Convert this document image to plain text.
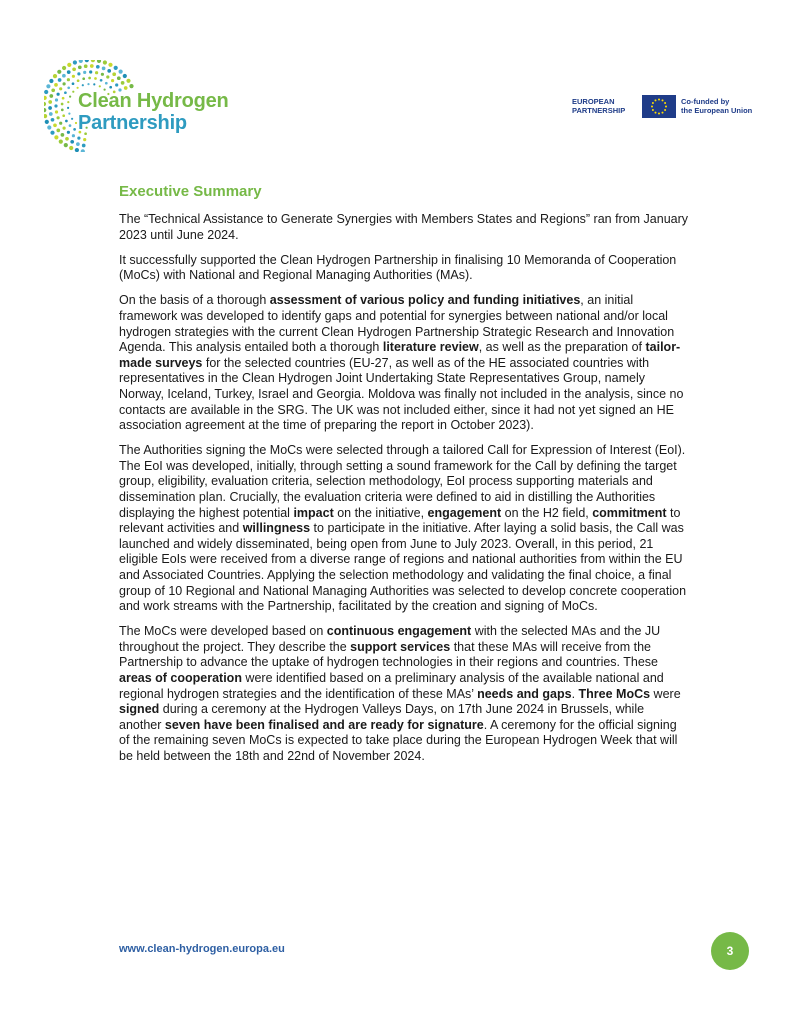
Clean Hydrogen
Partnership
EUROPEAN
PARTNERSHIP
Co-funded by
the European Union
Executive Summary

The “Technical Assistance to Generate Synergies with Members States and Regions” ran from January 2023 until June 2024.

It successfully supported the Clean Hydrogen Partnership in finalising 10 Memoranda of Cooperation (MoCs) with National and Regional Managing Authorities (MAs).

On the basis of a thorough assessment of various policy and funding initiatives, an initial framework was developed to identify gaps and potential for synergies between national and/or local hydrogen strategies with the current Clean Hydrogen Partnership Strategic Research and Innovation Agenda. This analysis entailed both a thorough literature review, as well as the preparation of tailor-made surveys for the selected countries (EU-27, as well as of the HE associated countries with representatives in the Clean Hydrogen Joint Undertaking State Representatives Group, namely Norway, Iceland, Turkey, Israel and Georgia. Moldova was finally not included in the analysis, since no contacts are available in the SRG. The UK was not included either, since it had not yet signed an HE association agreement at the time of preparing the report in October 2023).

The Authorities signing the MoCs were selected through a tailored Call for Expression of Interest (EoI). The EoI was developed, initially, through setting a sound framework for the Call by defining the target group, eligibility, evaluation criteria, selection methodology, EoI process supporting materials and dissemination plan. Crucially, the evaluation criteria were defined to aid in distilling the Authorities displaying the highest potential impact on the initiative, engagement on the H2 field, commitment to relevant activities and willingness to participate in the initiative. After laying a solid basis, the Call was launched and widely disseminated, being open from June to July 2023. Overall, in this period, 21 eligible EoIs were received from a diverse range of regions and national authorities from within the EU and Associated Countries. Applying the selection methodology and validating the final choice, a final group of 10 Regional and National Managing Authorities was selected to develop concrete cooperation and work streams with the Partnership, facilitated by the creation and signing of MoCs.

The MoCs were developed based on continuous engagement with the selected MAs and the JU throughout the project. They describe the support services that these MAs will receive from the Partnership to advance the uptake of hydrogen technologies in their regions and countries. These areas of cooperation were identified based on a preliminary analysis of the available national and regional hydrogen strategies and the identification of these MAs’ needs and gaps. Three MoCs were signed during a ceremony at the Hydrogen Valleys Days, on 17th June 2024 in Brussels, while another seven have been finalised and are ready for signature. A ceremony for the official signing of the remaining seven MoCs is expected to take place during the European Hydrogen Week that will be held between the 18th and 22nd of November 2024.

www.clean-hydrogen.europa.eu	3
